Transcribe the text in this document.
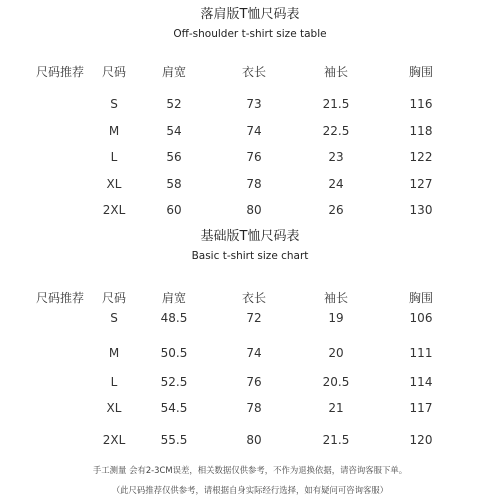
落肩版T恤尺码表
Off-shoulder t-shirt size table
尺码推荐 尺码	肩宽	衣长	袖长	胸围
S	52	73	21.5	116
M	54	74	22.5	118
L	56	76	23	122
XL	58	78	24	127
2XL	60	80	26	130
基础版T恤尺码表
Basic t-shirt size chart
尺码推荐 尺码	肩宽	衣长	袖长	胸围
S	48.5	72	19	106
M	50.5	74	20	111
L	52.5	76	20.5	114
XL	54.5	78	21	117
2XL	55.5	80	21.5	120
手工测量 会有2-3CM误差，相关数据仅供参考，不作为退换依据，请咨询客服下单。
（此尺码推荐仅供参考，请根据自身实际经行选择，如有疑问可咨询客服）
